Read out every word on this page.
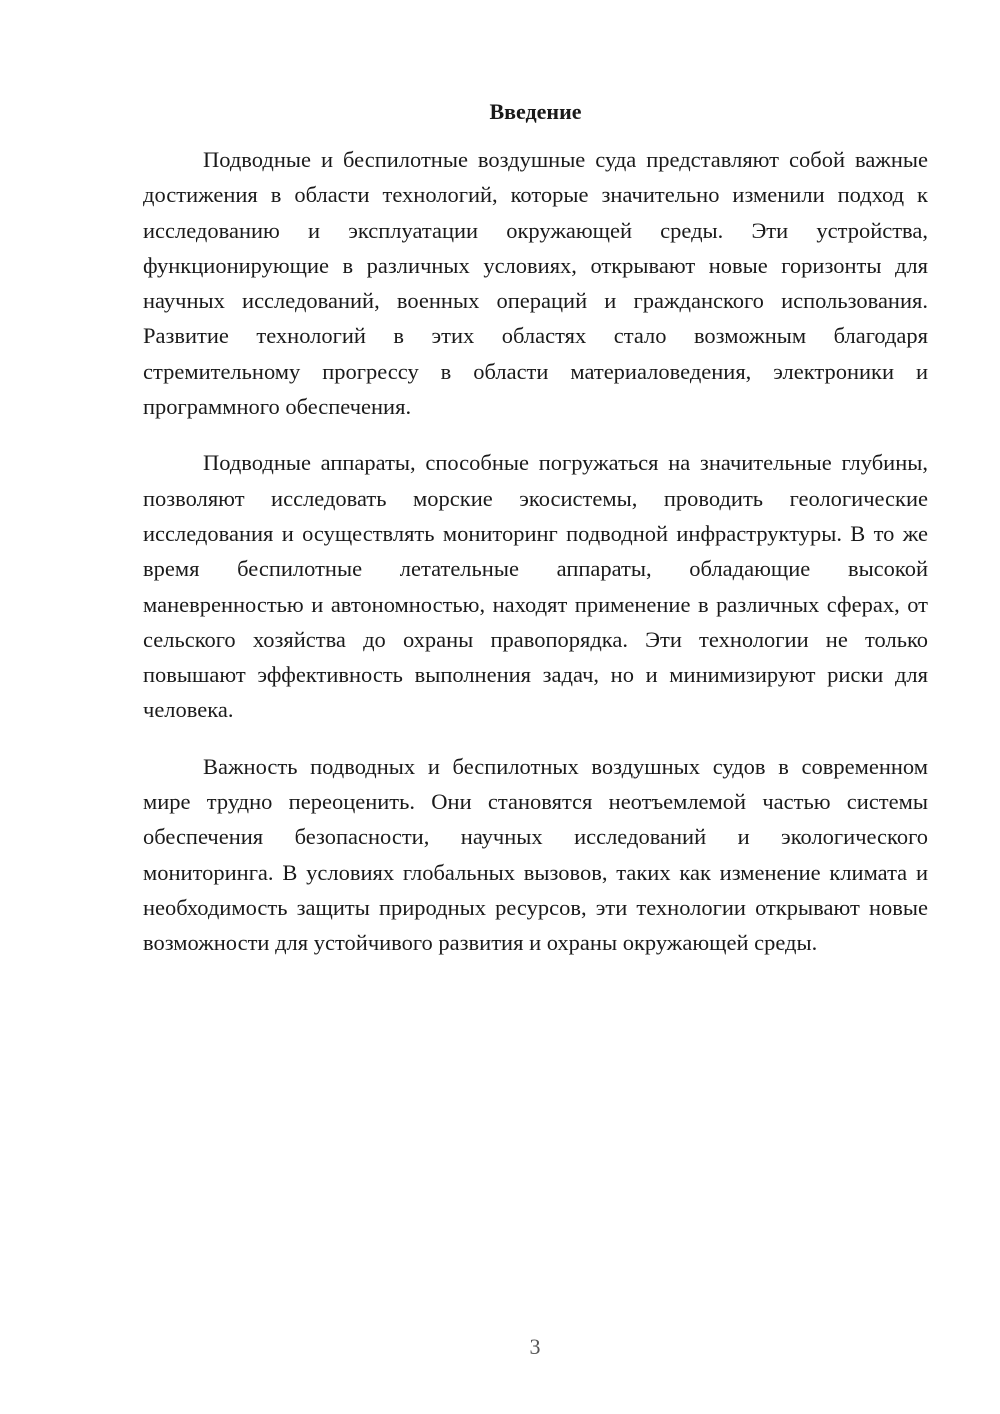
Введение

Подводные и беспилотные воздушные суда представляют собой важные достижения в области технологий, которые значительно изменили подход к исследованию и эксплуатации окружающей среды. Эти устройства, функционирующие в различных условиях, открывают новые горизонты для научных исследований, военных операций и гражданского использования. Развитие технологий в этих областях стало возможным благодаря стремительному прогрессу в области материаловедения, электроники и программного обеспечения.

Подводные аппараты, способные погружаться на значительные глубины, позволяют исследовать морские экосистемы, проводить геологические исследования и осуществлять мониторинг подводной инфраструктуры. В то же время беспилотные летательные аппараты, обладающие высокой маневренностью и автономностью, находят применение в различных сферах, от сельского хозяйства до охраны правопорядка. Эти технологии не только повышают эффективность выполнения задач, но и минимизируют риски для человека.

Важность подводных и беспилотных воздушных судов в современном мире трудно переоценить. Они становятся неотъемлемой частью системы обеспечения безопасности, научных исследований и экологического мониторинга. В условиях глобальных вызовов, таких как изменение климата и необходимость защиты природных ресурсов, эти технологии открывают новые возможности для устойчивого развития и охраны окружающей среды.

3
